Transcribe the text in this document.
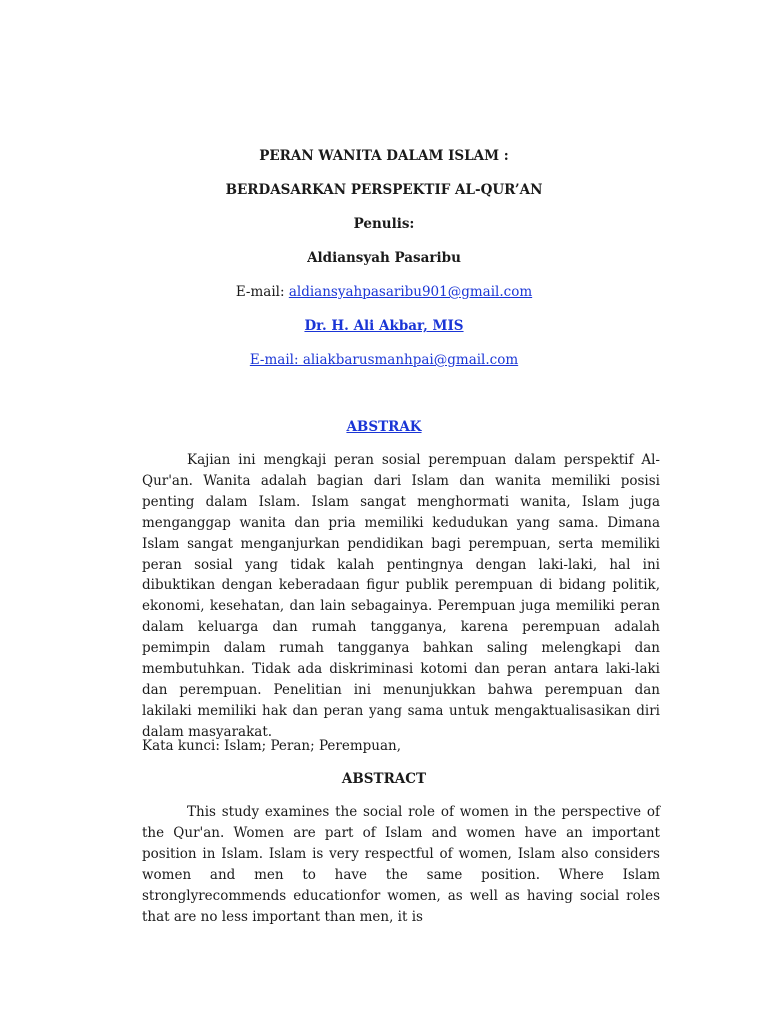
PERAN WANITA DALAM ISLAM :
BERDASARKAN PERSPEKTIF AL-QUR’AN
Penulis:
Aldiansyah Pasaribu
E-mail: aldiansyahpasaribu901@gmail.com
Dr. H. Ali Akbar, MIS
E-mail: aliakbarusmanhpai@gmail.com
ABSTRAK
Kajian ini mengkaji peran sosial perempuan dalam perspektif Al-Qur'an. Wanita adalah bagian dari Islam dan wanita memiliki posisi penting dalam Islam. Islam sangat menghormati wanita, Islam juga menganggap wanita dan pria memiliki kedudukan yang sama. Dimana Islam sangat menganjurkan pendidikan bagi perempuan, serta memiliki peran sosial yang tidak kalah pentingnya dengan laki-laki, hal ini dibuktikan dengan keberadaan figur publik perempuan di bidang politik, ekonomi, kesehatan, dan lain sebagainya. Perempuan juga memiliki peran dalam keluarga dan rumah tangganya, karena perempuan adalah pemimpin dalam rumah tangganya bahkan saling melengkapi dan membutuhkan. Tidak ada diskriminasi kotomi dan peran antara laki-laki dan perempuan. Penelitian ini menunjukkan bahwa perempuan dan lakilaki memiliki hak dan peran yang sama untuk mengaktualisasikan diri dalam masyarakat.
Kata kunci: Islam; Peran; Perempuan,
ABSTRACT
This study examines the social role of women in the perspective of the Qur'an. Women are part of Islam and women have an important position in Islam. Islam is very respectful of women, Islam also considers women and men to have the same position. Where Islam stronglyrecommends educationfor women, as well as having social roles that are no less important than men, it is
